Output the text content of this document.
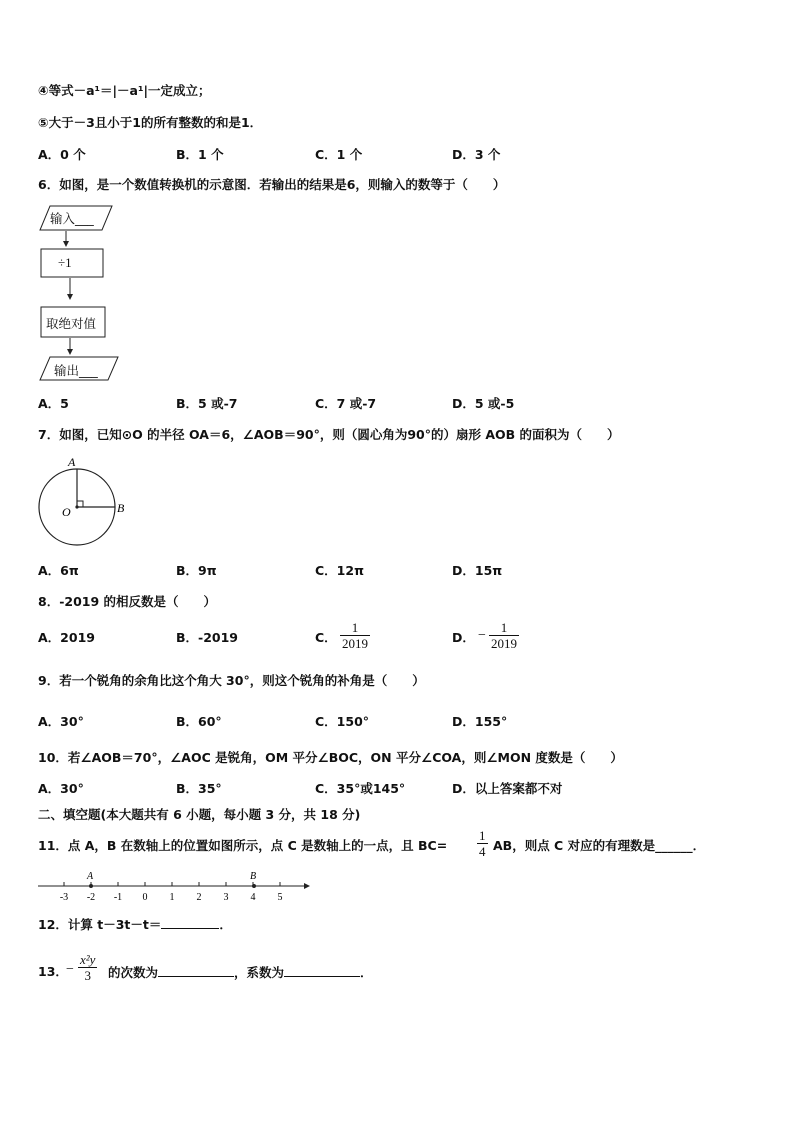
④等式－a¹＝|－a¹|一定成立；
⑤大于－3且小于1的所有整数的和是1．
A．0 个	B．1 个	C．1 个	D．3 个
6．如图，是一个数值转换机的示意图．若输出的结果是6，则输入的数等于（　　）
输入___
÷1
取绝对值
输出___
A．5	B．5 或-7	C．7 或-7	D．5 或-5
7．如图，已知⊙O 的半径 OA＝6，∠AOB＝90°，则（圆心角为90°的）扇形 AOB 的面积为（　　）
A
O	B
A．6π	B．9π	C．12π	D．15π
8．-2019 的相反数是（　　）
A．2019	B．-2019	C． $\frac{1}{2019}$	D． − $\frac{1}{2019}$
9．若一个锐角的余角比这个角大 30°，则这个锐角的补角是（　　）
A．30°	B．60°	C．150°	D．155°
10．若∠AOB＝70°，∠AOC 是锐角，OM 平分∠BOC，ON 平分∠COA，则∠MON 度数是（　　）
A．30°	B．35°	C．35°或145°	D．以上答案都不对
二、填空题(本大题共有 6 小题，每小题 3 分，共 18 分)
11．点 A，B 在数轴上的位置如图所示，点 C 是数轴上的一点，且 $BC= \frac{1}{4}$ AB，则点 C 对应的有理数是______．
-3 -2 -1 0 1 2 3 4 5
A	B
12．计算 t－3t－t＝	．
13．
− $\frac{\text{x²y}}{3}$ 的次数为	，系数为	．
